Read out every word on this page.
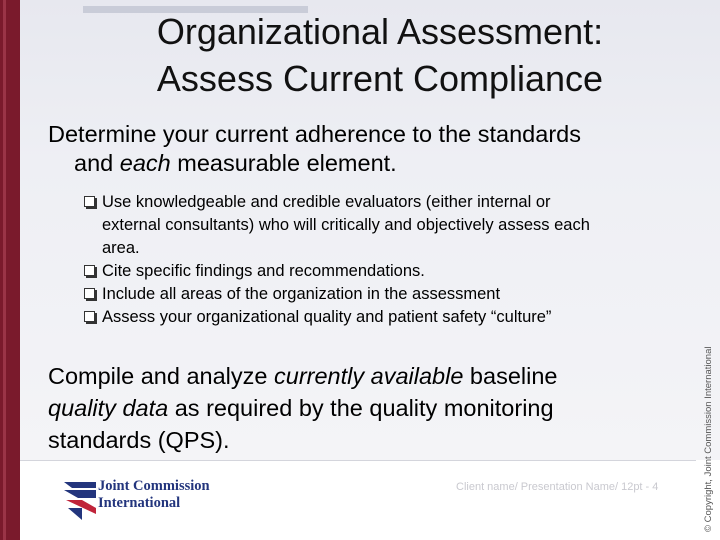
Organizational Assessment:
Assess Current Compliance
Determine your current adherence to the standards
and each measurable element.
Use knowledgeable and credible evaluators (either internal or
external consultants) who will critically and objectively assess each
area.
Cite specific findings and recommendations.
Include all areas of the organization in the assessment
Assess your organizational quality and patient safety “culture”
Compile and analyze currently available baseline
quality data as required by the quality monitoring
standards (QPS).
Joint Commission
International
Client name/ Presentation Name/ 12pt - 4	© Copyright, Joint Commission International
